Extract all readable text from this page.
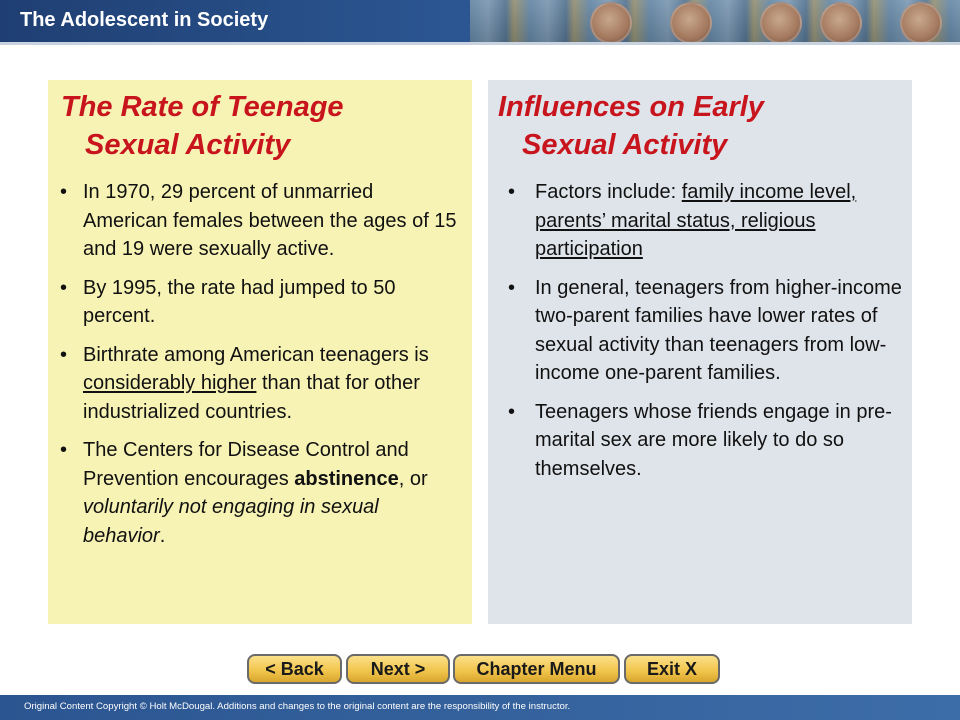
The Adolescent in Society
The Rate of Teenage
Sexual Activity
• In 1970, 29 percent of unmarried American females between the ages of 15 and 19 were sexually active.
• By 1995, the rate had jumped to 50 percent.
• Birthrate among American teenagers is considerably higher than that for other industrialized countries.
• The Centers for Disease Control and Prevention encourages abstinence, or voluntarily not engaging in sexual behavior.
Influences on Early
Sexual Activity
• Factors include: family income level, parents’ marital status, religious participation
• In general, teenagers from higher-income two-parent families have lower rates of sexual activity than teenagers from low-income one-parent families.
• Teenagers whose friends engage in pre-marital sex are more likely to do so themselves.
< Back	Next >	Chapter Menu	Exit X
Original Content Copyright © Holt McDougal. Additions and changes to the original content are the responsibility of the instructor.
